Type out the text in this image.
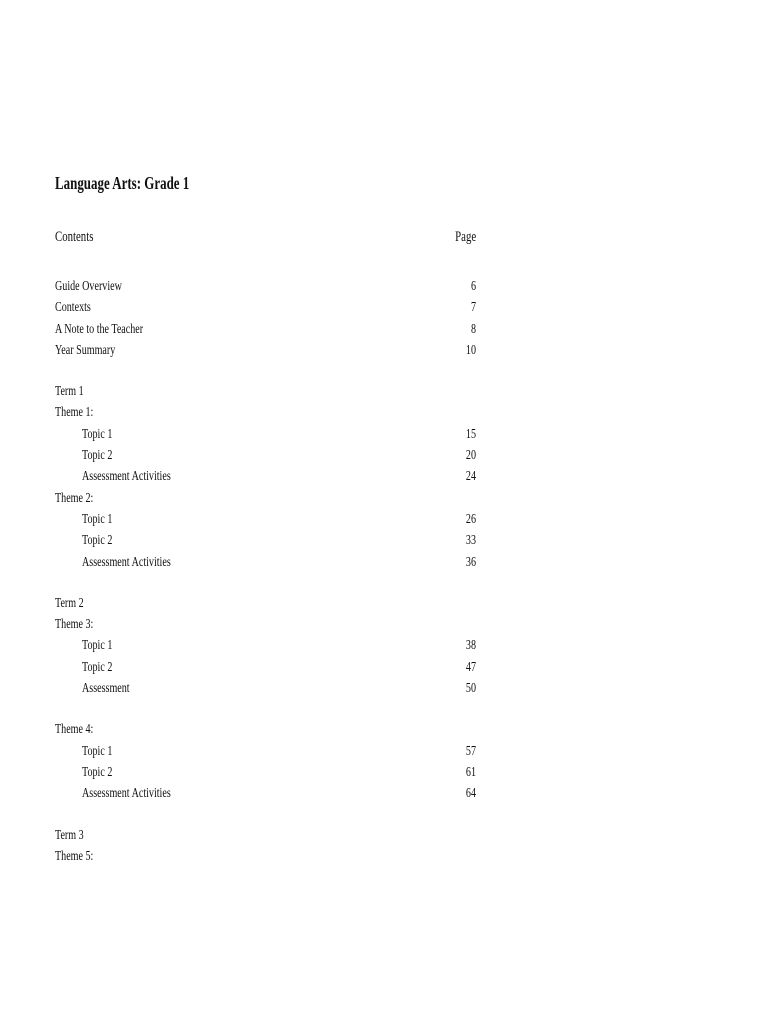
Language Arts: Grade 1
Contents	Page
Guide Overview	6
Contexts	7
A Note to the Teacher	8
Year Summary	10
Term 1
Theme 1:
Topic 1	15
Topic 2	20
Assessment Activities	24
Theme 2:
Topic 1	26
Topic 2	33
Assessment Activities	36
Term 2
Theme 3:
Topic 1	38
Topic 2	47
Assessment	50
Theme 4:
Topic 1	57
Topic 2	61
Assessment Activities	64
Term 3
Theme 5:
